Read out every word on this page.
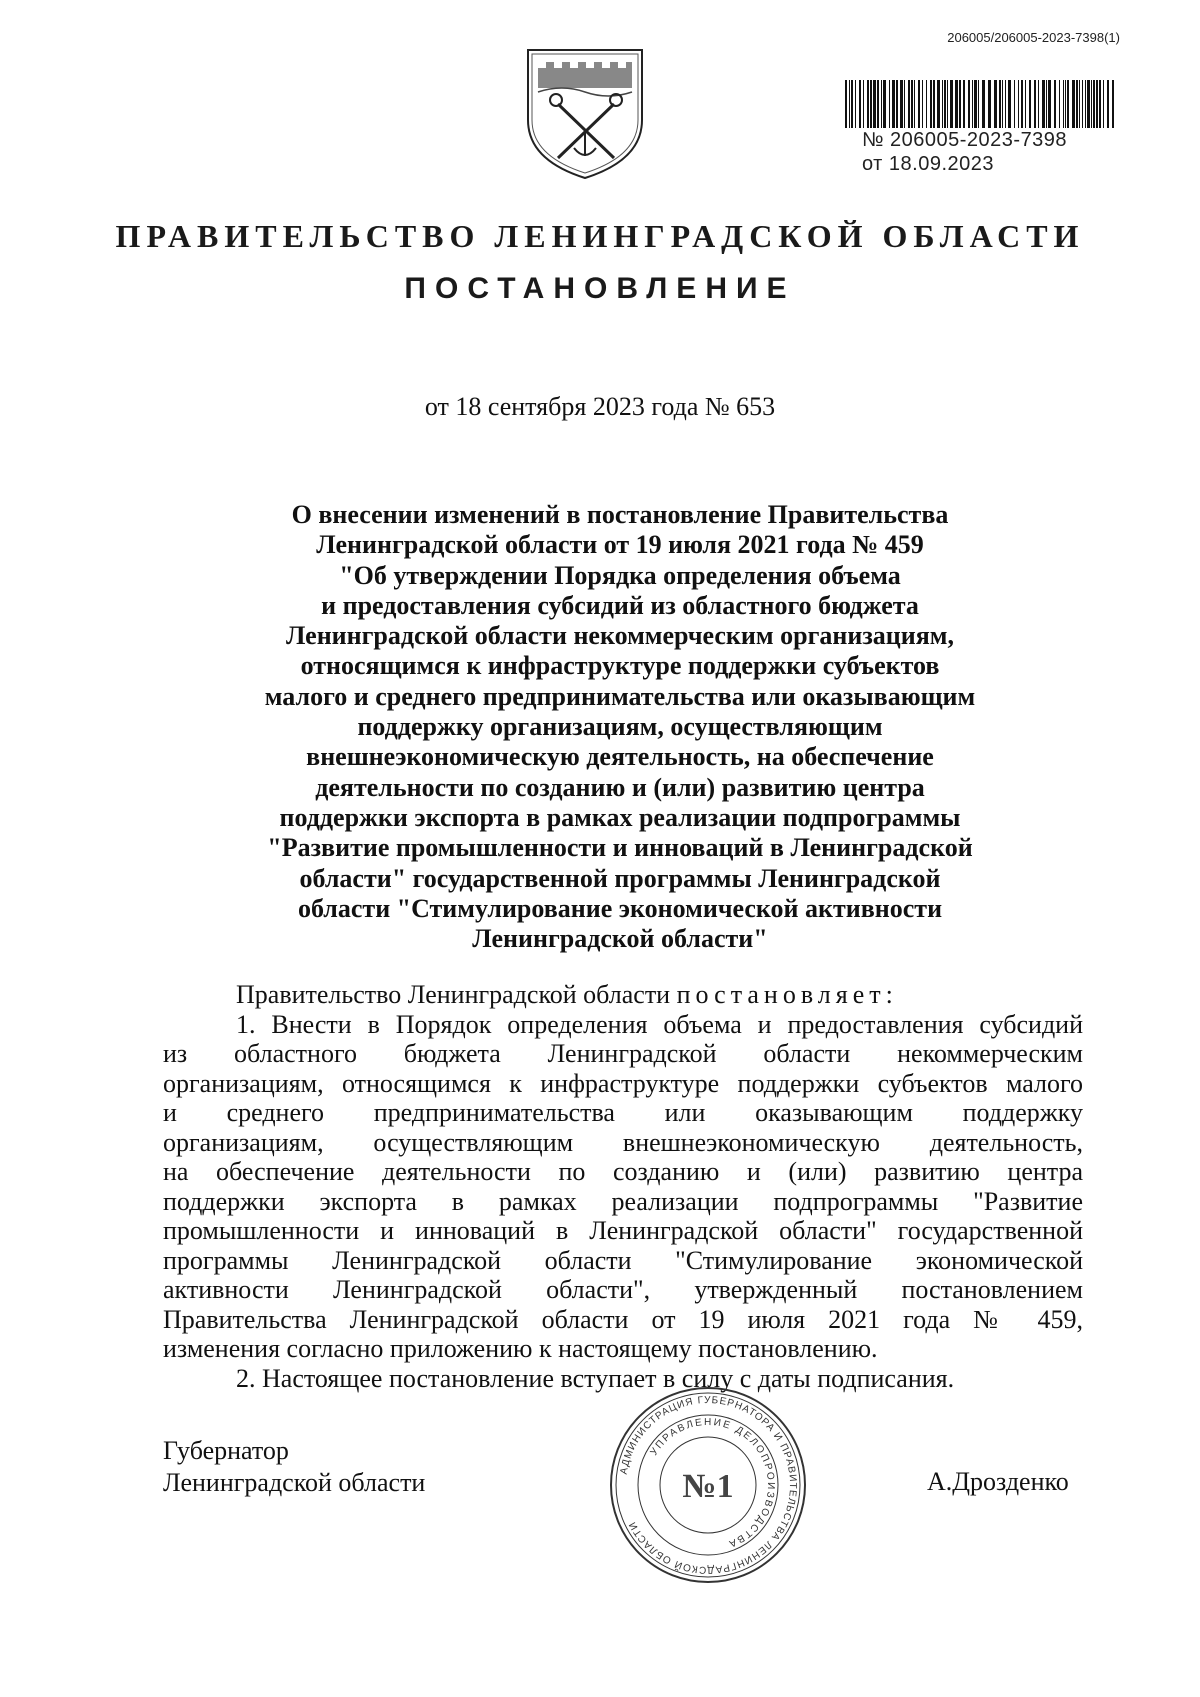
206005/206005-2023-7398(1)
№ 206005-2023-7398
от 18.09.2023
ПРАВИТЕЛЬСТВО ЛЕНИНГРАДСКОЙ ОБЛАСТИ
ПОСТАНОВЛЕНИЕ
от 18 сентября 2023 года № 653
О внесении изменений в постановление Правительства
Ленинградской области от 19 июля 2021 года № 459
"Об утверждении Порядка определения объема
и предоставления субсидий из областного бюджета
Ленинградской области некоммерческим организациям,
относящимся к инфраструктуре поддержки субъектов
малого и среднего предпринимательства или оказывающим
поддержку организациям, осуществляющим
внешнеэкономическую деятельность, на обеспечение
деятельности по созданию и (или) развитию центра
поддержки экспорта в рамках реализации подпрограммы
"Развитие промышленности и инноваций в Ленинградской
области" государственной программы Ленинградской
области "Стимулирование экономической активности
Ленинградской области"
Правительство Ленинградской области постановляет:
1. Внести в Порядок определения объема и предоставления субсидий
из областного бюджета Ленинградской области некоммерческим
организациям, относящимся к инфраструктуре поддержки субъектов малого
и среднего предпринимательства или оказывающим поддержку
организациям, осуществляющим внешнеэкономическую деятельность,
на обеспечение деятельности по созданию и (или) развитию центра
поддержки экспорта в рамках реализации подпрограммы "Развитие
промышленности и инноваций в Ленинградской области" государственной
программы Ленинградской области "Стимулирование экономической
активности Ленинградской области", утвержденный постановлением
Правительства Ленинградской области от 19 июля 2021 года № 459,
изменения согласно приложению к настоящему постановлению.
2. Настоящее постановление вступает в силу с даты подписания.
Губернатор
Ленинградской области	А.Дрозденко
АДМИНИСТРАЦИЯ ГУБЕРНАТОРА И ПРАВИТЕЛЬСТВА ЛЕНИНГРАДСКОЙ ОБЛАСТИ
УПРАВЛЕНИЕ ДЕЛОПРОИЗВОДСТВА
№1
